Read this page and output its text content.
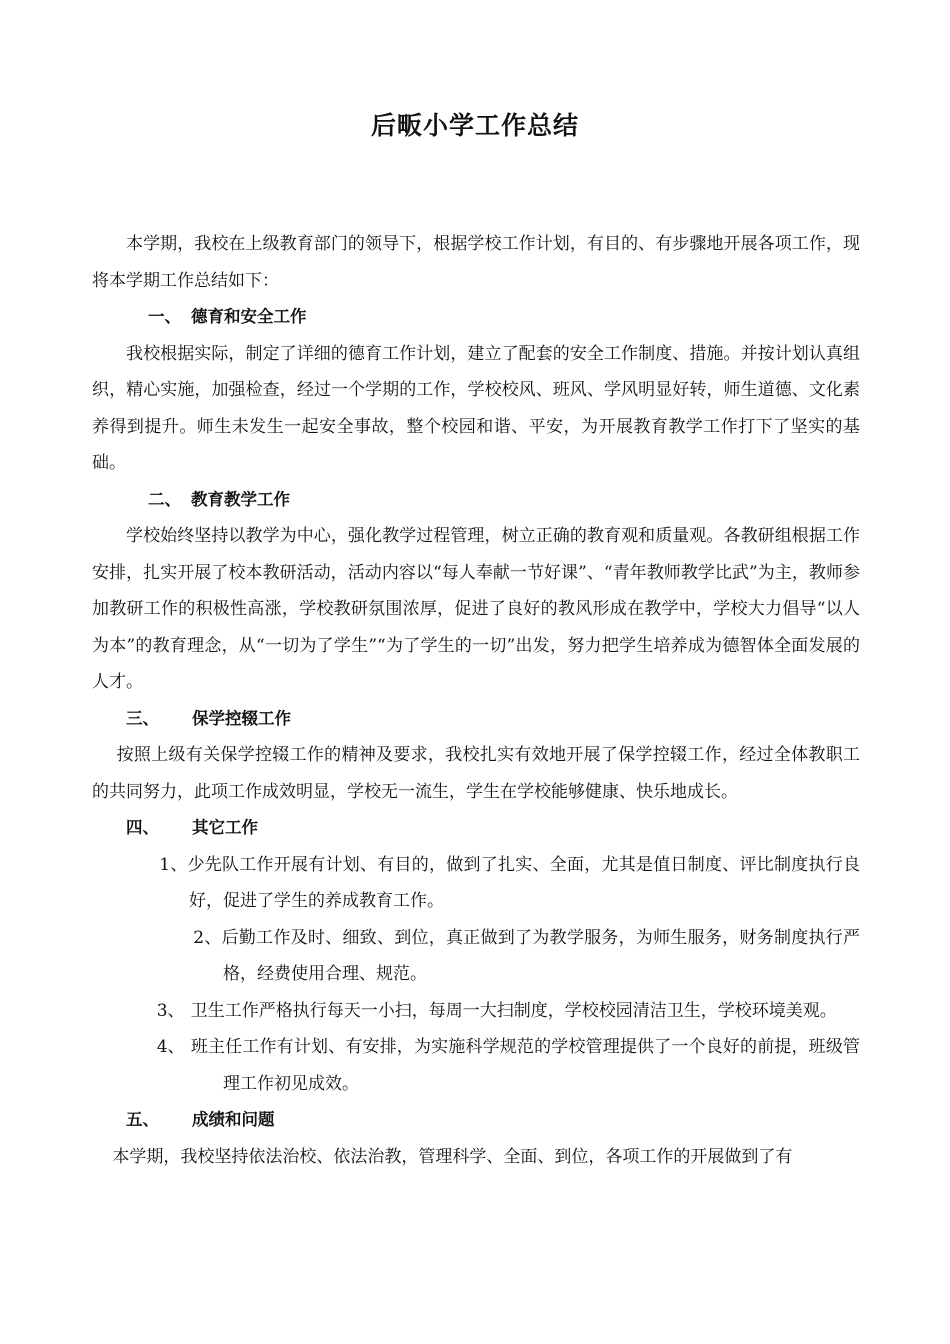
后畈小学工作总结

本学期，我校在上级教育部门的领导下，根据学校工作计划，有目的、有步骤地开展各项工作，现将本学期工作总结如下：

一、 德育和安全工作

我校根据实际，制定了详细的德育工作计划，建立了配套的安全工作制度、措施。并按计划认真组织，精心实施，加强检查，经过一个学期的工作，学校校风、班风、学风明显好转，师生道德、文化素养得到提升。师生未发生一起安全事故，整个校园和谐、平安，为开展教育教学工作打下了坚实的基础。

二、 教育教学工作

学校始终坚持以教学为中心，强化教学过程管理，树立正确的教育观和质量观。各教研组根据工作安排，扎实开展了校本教研活动，活动内容以“每人奉献一节好课”、“青年教师教学比武”为主，教师参加教研工作的积极性高涨，学校教研氛围浓厚，促进了良好的教风形成在教学中，学校大力倡导“以人为本”的教育理念，从“一切为了学生”“为了学生的一切”出发，努力把学生培养成为德智体全面发展的人才。

三、 保学控辍工作

按照上级有关保学控辍工作的精神及要求，我校扎实有效地开展了保学控辍工作，经过全体教职工的共同努力，此项工作成效明显，学校无一流生，学生在学校能够健康、快乐地成长。

四、 其它工作

1、少先队工作开展有计划、有目的，做到了扎实、全面，尤其是值日制度、评比制度执行良好，促进了学生的养成教育工作。

2、后勤工作及时、细致、到位，真正做到了为教学服务，为师生服务，财务制度执行严格，经费使用合理、规范。

3、 卫生工作严格执行每天一小扫，每周一大扫制度，学校校园清洁卫生，学校环境美观。

4、 班主任工作有计划、有安排，为实施科学规范的学校管理提供了一个良好的前提，班级管理工作初见成效。

五、 成绩和问题

本学期，我校坚持依法治校、依法治教，管理科学、全面、到位，各项工作的开展做到了有
